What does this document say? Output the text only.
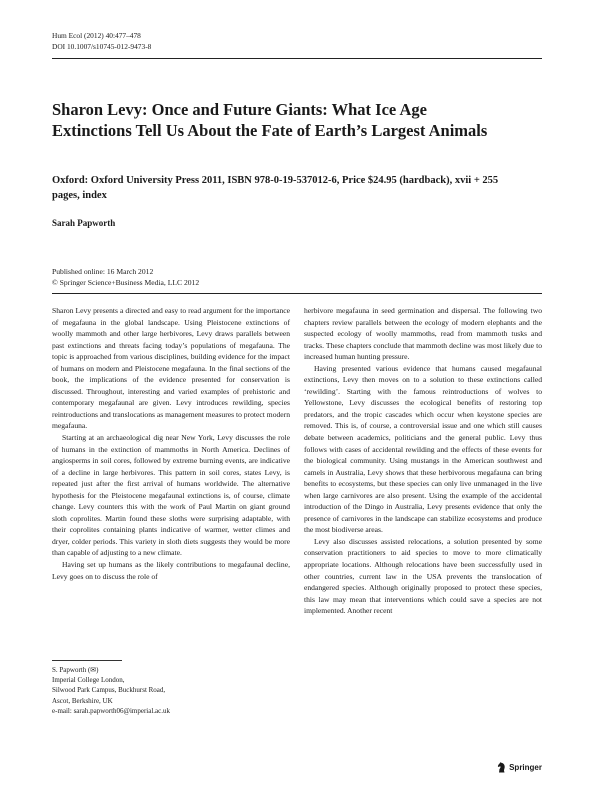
Hum Ecol (2012) 40:477–478
DOI 10.1007/s10745-012-9473-8
Sharon Levy: Once and Future Giants: What Ice Age Extinctions Tell Us About the Fate of Earth’s Largest Animals
Oxford: Oxford University Press 2011, ISBN 978-0-19-537012-6, Price $24.95 (hardback), xvii + 255 pages, index
Sarah Papworth
Published online: 16 March 2012
© Springer Science+Business Media, LLC 2012

Sharon Levy presents a directed and easy to read argument for the importance of megafauna in the global landscape. Using Pleistocene extinctions of woolly mammoth and other large herbivores, Levy draws parallels between past extinctions and threats facing today’s populations of megafauna. The topic is approached from various disciplines, building evidence for the impact of humans on modern and Pleistocene megafauna. In the final sections of the book, the implications of the evidence presented for conservation is discussed. Throughout, interesting and varied examples of prehistoric and contemporary megafaunal are given. Levy introduces rewilding, species reintroductions and translocations as management measures to protect modern megafauna.

Starting at an archaeological dig near New York, Levy discusses the role of humans in the extinction of mammoths in North America. Declines of angiosperms in soil cores, followed by extreme burning events, are indicative of a decline in large herbivores. This pattern in soil cores, states Levy, is repeated just after the first arrival of humans worldwide. The alternative hypothesis for the Pleistocene megafaunal extinctions is, of course, climate change. Levy counters this with the work of Paul Martin on giant ground sloth coprolites. Martin found these sloths were surprising adaptable, with their coprolites containing plants indicative of warmer, wetter climes and dryer, colder periods. This variety in sloth diets suggests they would be more than capable of adjusting to a new climate.

Having set up humans as the likely contributions to megafaunal decline, Levy goes on to discuss the role of

herbivore megafauna in seed germination and dispersal. The following two chapters review parallels between the ecology of modern elephants and the suspected ecology of woolly mammoths, read from mammoth tusks and tracks. These chapters conclude that mammoth decline was most likely due to increased human hunting pressure.

Having presented various evidence that humans caused megafaunal extinctions, Levy then moves on to a solution to these extinctions called ‘rewilding’. Starting with the famous reintroductions of wolves to Yellowstone, Levy discusses the ecological benefits of restoring top predators, and the tropic cascades which occur when keystone species are removed. This is, of course, a controversial issue and one which still causes debate between academics, politicians and the general public. Levy thus follows with cases of accidental rewilding and the effects of these events for the biological community. Using mustangs in the American southwest and camels in Australia, Levy shows that these herbivorous megafauna can bring benefits to ecosystems, but these species can only live unmanaged in the live when large carnivores are also present. Using the example of the accidental introduction of the Dingo in Australia, Levy presents evidence that only the presence of carnivores in the landscape can stabilize ecosystems and produce the most biodiverse areas.

Levy also discusses assisted relocations, a solution presented by some conservation practitioners to aid species to move to more climatically appropriate locations. Although relocations have been successfully used in other countries, current law in the USA prevents the translocation of endangered species. Although originally proposed to protect these species, this law may mean that interventions which could save a species are not implemented. Another recent

S. Papworth (✉)
Imperial College London,
Silwood Park Campus, Buckhurst Road,
Ascot, Berkshire, UK
e-mail: sarah.papworth06@imperial.ac.uk
Springer
